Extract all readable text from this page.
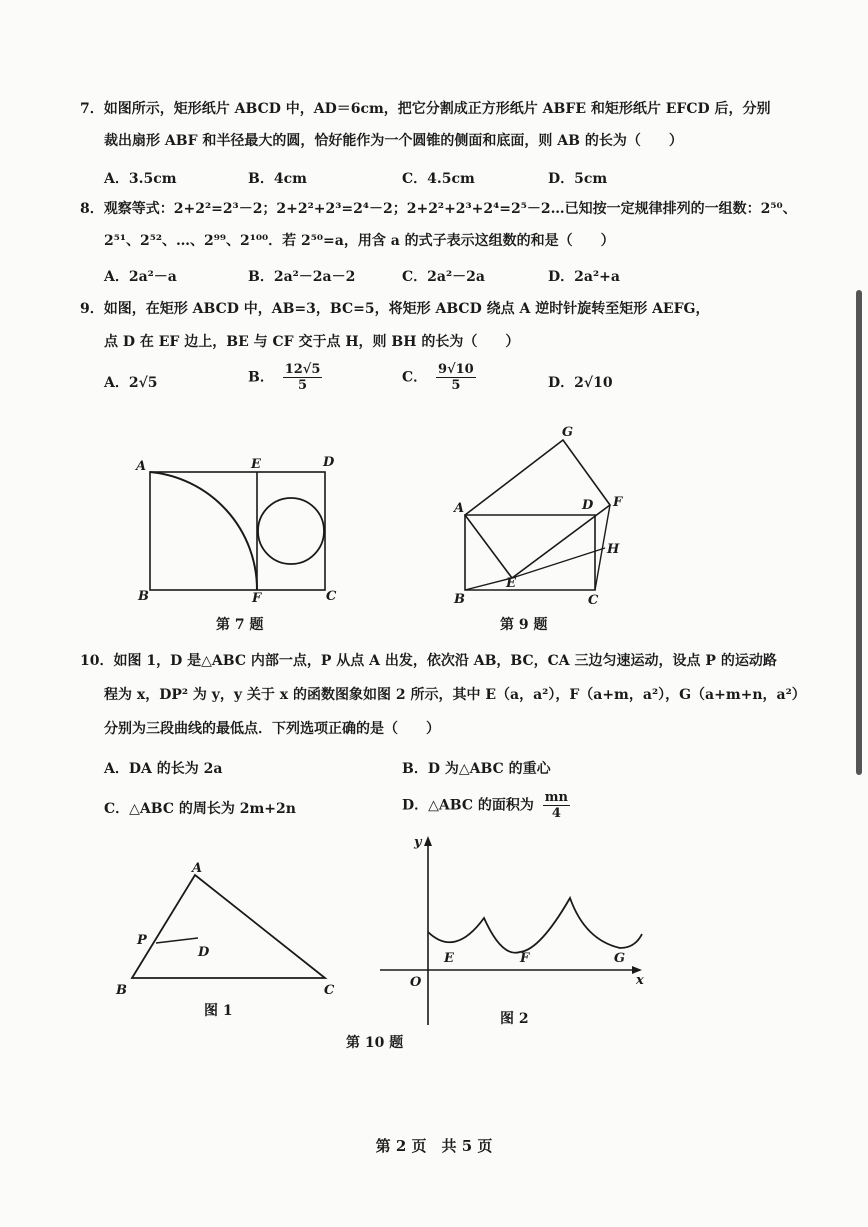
7．如图所示，矩形纸片 ABCD 中，AD＝6cm，把它分割成正方形纸片 ABFE 和矩形纸片 EFCD 后，分别
裁出扇形 ABF 和半径最大的圆，恰好能作为一个圆锥的侧面和底面，则 AB 的长为（　　）
A．3.5cm	B．4cm	C．4.5cm	D．5cm
8．观察等式：2+2²=2³－2；2+2²+2³=2⁴－2；2+2²+2³+2⁴=2⁵－2…已知按一定规律排列的一组数：2⁵⁰、
2⁵¹、2⁵²、…、2⁹⁹、2¹⁰⁰．若 2⁵⁰=a，用含 a 的式子表示这组数的和是（　　）
A．2a²－a	B．2a²－2a－2	C．2a²－2a	D．2a²+a
9．如图，在矩形 ABCD 中，AB=3，BC=5，将矩形 ABCD 绕点 A 逆时针旋转至矩形 AEFG，
点 D 在 EF 边上，BE 与 CF 交于点 H，则 BH 的长为（　　）
A．2√5	B． $\frac{12√5}{5}$	C． $\frac{9√10}{5}$	D．2√10
A	E	D
B	F	C
第 7 题
G
A	D F
H
E
B	C
第 9 题
10．如图 1，D 是△ABC 内部一点，P 从点 A 出发，依次沿 AB，BC，CA 三边匀速运动，设点 P 的运动路
程为 x，DP² 为 y，y 关于 x 的函数图象如图 2 所示，其中 E（a，a²），F（a+m，a²），G（a+m+n，a²）
分别为三段曲线的最低点．下列选项正确的是（　　）
A．DA 的长为 2a	B．D 为△ABC 的重心
C．△ABC 的周长为 2m+2n	D．△ABC 的面积为 $\frac{mn}{4}$
A
P
D
B	C
图 1
y
x
O
E	F	G
图 2
第 10 题
第 2 页　共 5 页
